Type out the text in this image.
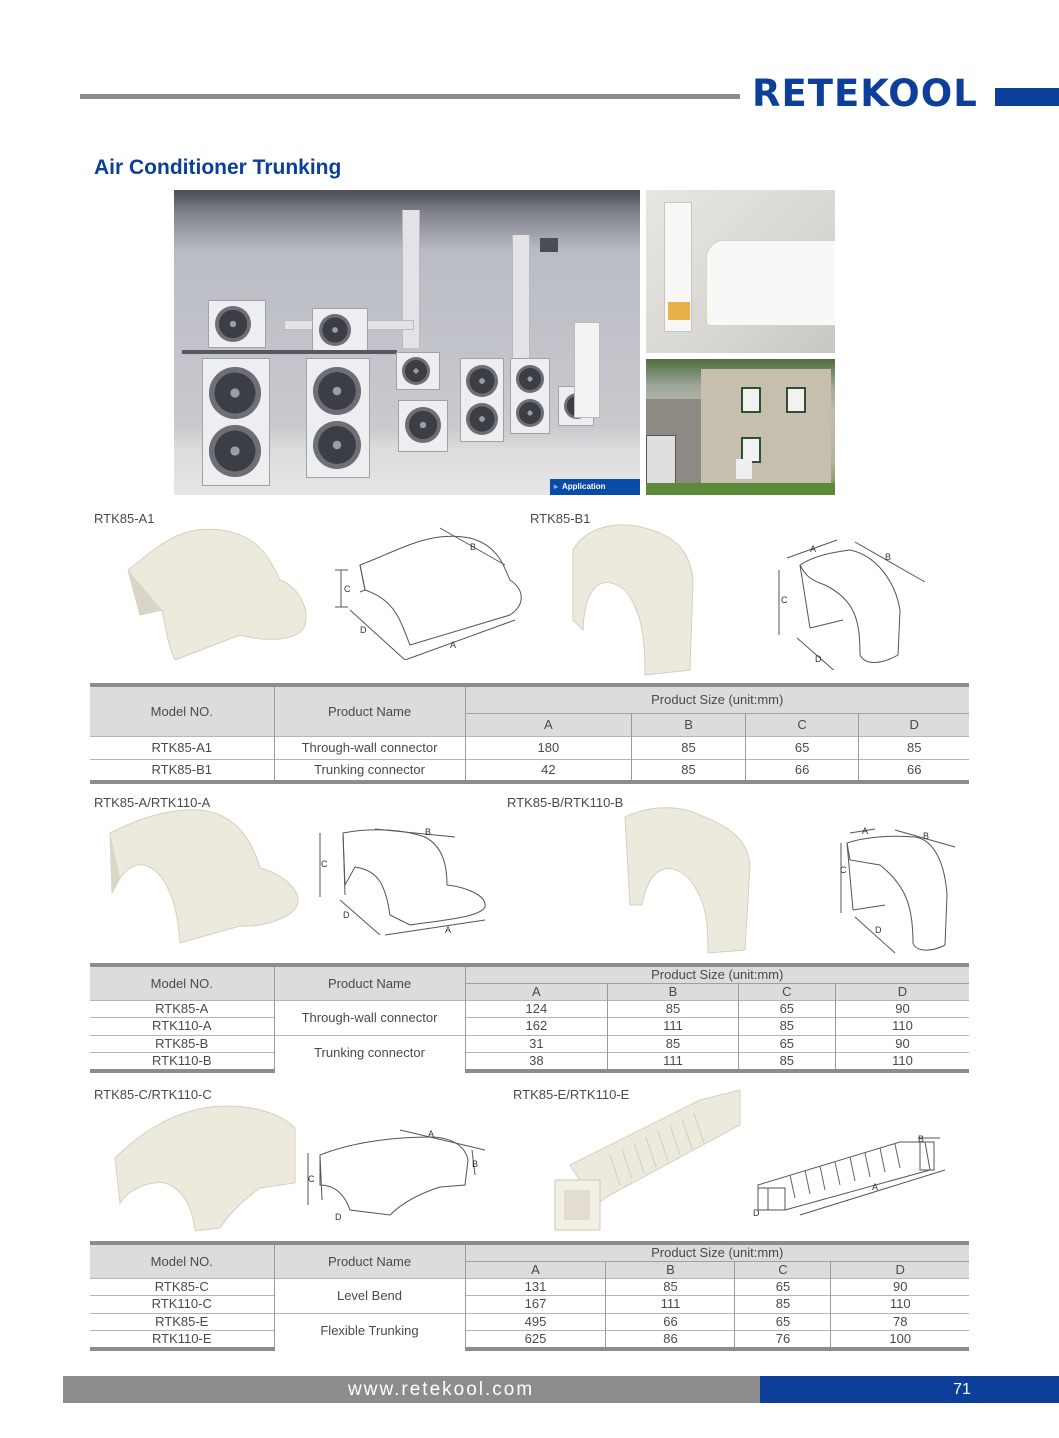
RETEKOOL
Air Conditioner Trunking
▸ Application
RTK85-A1	RTK85-B1
C
D
A
B	A
B
C
D
Model NO.	Product Name	Product Size (unit:mm)			
		A	B	C	D
RTK85-A1	Through-wall connector	180	85	65	85
RTK85-B1	Trunking connector	42	85	66	66
RTK85-A/RTK110-A	RTK85-B/RTK110-B
C
D
A
B	A	B
C
D
Model NO.	Product Name	Product Size (unit:mm)			
		A	B	C	D
RTK85-A	Through-wall connector	124	85	65	90
RTK110-A		162	111	85	110
RTK85-B	Trunking connector	31	85	65	90
RTK110-B		38	111	85	110
RTK85-C/RTK110-C	RTK85-E/RTK110-E
C
D
A
B
A
B
D
Model NO.	Product Name	Product Size (unit:mm)			
		A	B	C	D
RTK85-C	Level Bend	131	85	65	90
RTK110-C		167	111	85	110
RTK85-E	Flexible Trunking	495	66	65	78
RTK110-E		625	86	76	100
www.retekool.com	71
